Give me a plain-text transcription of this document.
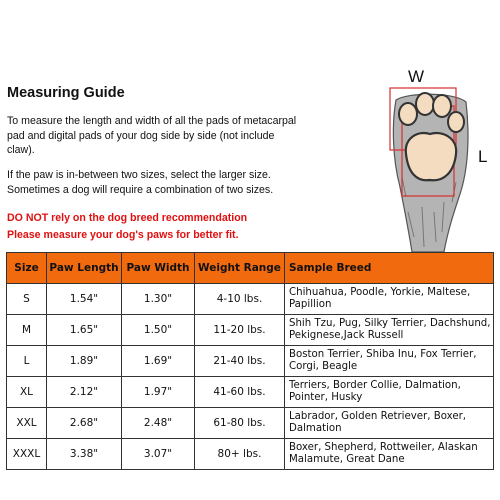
Measuring Guide
To measure the length and width of all the pads of metacarpal pad and digital pads of your dog side by side (not include claw).
If the paw is in-between two sizes, select the larger size. Sometimes a dog will require a combination of two sizes.
DO NOT rely on the dog breed recommendation
Please measure your dog's paws for better fit.
W
L
Size	Paw Length	Paw Width	Weight Range	Sample Breed
S	1.54"	1.30"	4-10 lbs.	Chihuahua, Poodle, Yorkie, Maltese, Papillion
M	1.65"	1.50"	11-20 lbs.	Shih Tzu, Pug, Silky Terrier, Dachshund, Pekignese,Jack Russell
L	1.89"	1.69"	21-40 lbs.	Boston Terrier, Shiba Inu, Fox Terrier, Corgi, Beagle
XL	2.12"	1.97"	41-60 lbs.	Terriers, Border Collie, Dalmation, Pointer, Husky
XXL	2.68"	2.48"	61-80 lbs.	Labrador, Golden Retriever, Boxer, Dalmation
XXXL	3.38"	3.07"	80+ lbs.	Boxer, Shepherd, Rottweiler, Alaskan Malamute, Great Dane
